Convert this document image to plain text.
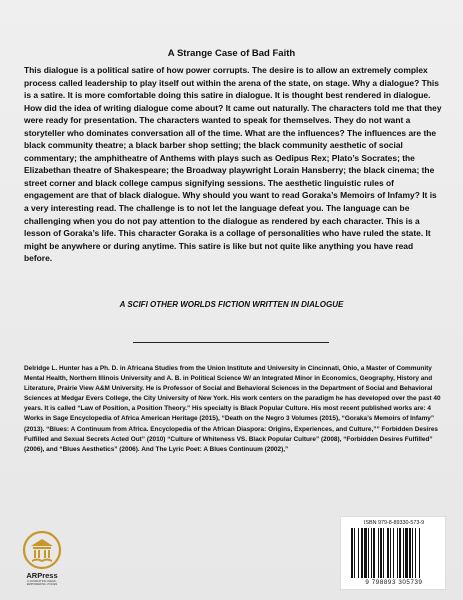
A Strange Case of Bad Faith

This dialogue is a political satire of how power corrupts. The desire is to allow an extremely complex process called leadership to play itself out within the arena of the state, on stage. Why a dialogue? This is a satire. It is more comfortable doing this satire in dialogue. It is thought best rendered in dialogue. How did the idea of writing dialogue come about? It came out naturally. The characters told me that they were ready for presentation. The characters wanted to speak for themselves. They do not want a storyteller who dominates conversation all of the time. What are the influences? The influences are the black community theatre; a black barber shop setting; the black community aesthetic of social commentary; the amphitheatre of Anthems with plays such as Oedipus Rex; Plato’s Socrates; the Elizabethan theatre of Shakespeare; the Broadway playwright Lorain Hansberry; the black cinema; the street corner and black college campus signifying sessions. The aesthetic linguistic rules of engagement are that of black dialogue. Why should you want to read Goraka’s Memoirs of Infamy? It is a very interesting read. The challenge is to not let the language defeat you. The language can be challenging when you do not pay attention to the dialogue as rendered by each character. This is a lesson of Goraka’s life. This character Goraka is a collage of personalities who have ruled the state. It might be anywhere or during anytime. This satire is like but not quite like anything you have read before.

A SCIFI OTHER WORLDS FICTION WRITTEN IN DIALOGUE

Delridge L. Hunter has a Ph. D. in Africana Studies from the Union Institute and University in Cincinnati, Ohio, a Master of Community Mental Health, Northern Illinois University and A. B. in Political Science W/ an Integrated Minor in Economics, Geography, History and Literature, Prairie View A&M University. He is Professor of Social and Behavioral Sciences in the Department of Social and Behavioral Sciences at Medgar Evers College, the City University of New York. His work centers on the paradigm he has developed over the past 40 years. It is called “Law of Position, a Position Theory.” His specialty is Black Popular Culture. His most recent published works are: 4 Works in Sage Encyclopedia of Africa American Heritage (2015), “Death on the Negro 3 Volumes (2015), “Goraka’s Memoirs of Infamy” (2013). “Blues: A Continuum from Africa. Encyclopedia of the African Diaspora: Origins, Experiences, and Culture,”” Forbidden Desires Fulfilled and Sexual Secrets Acted Out” (2010) “Culture of Whiteness VS. Black Popular Culture” (2008), “Forbidden Desires Fulfilled” (2006), and “Blues Aesthetics” (2006). And The Lyric Poet: A Blues Continuum (2002),”

ARPress
ILLUMINATING IDEAS, EMPOWERING VOICES
ISBN 979-8-89330-573-9
9 798893 305739
